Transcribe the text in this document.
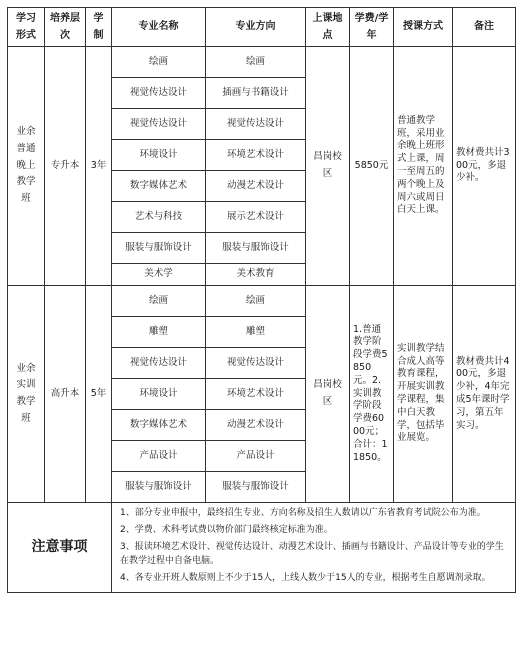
学习形式	培养层次	学制	专业名称	专业方向	上课地点	学费/学年	授课方式	备注
业余普通晚上教学班	专升本	3年	绘画	绘画	昌岗校区	5850元	普通教学班，采用业余晚上班形式上课，周一至周五的两个晚上及周六或周日白天上课。	教材费共计300元，多退少补。
			视觉传达设计	插画与书籍设计				
			视觉传达设计	视觉传达设计				
			环境设计	环境艺术设计				
			数字媒体艺术	动漫艺术设计				
			艺术与科技	展示艺术设计				
			服装与服饰设计	服装与服饰设计				
			美术学	美术教育				
业余实训教学班	高升本	5年	绘画	绘画	昌岗校区	1.普通教学阶段学费5850元。2.实训教学阶段学费6000元；合计：11850。	实训教学结合成人高等教育课程，开展实训教学课程，集中白天教学，包括毕业展览。	教材费共计400元，多退少补，4年完成5年课时学习，第五年实习。
			雕塑	雕塑				
			视觉传达设计	视觉传达设计				
			环境设计	环境艺术设计				
			数字媒体艺术	动漫艺术设计				
			产品设计	产品设计				
			服装与服饰设计	服装与服饰设计				
注意事项			1、部分专业申报中，最终招生专业、方向名称及招生人数请以广东省教育考试院公布为准。
2、学费、术科考试费以物价部门最终核定标准为准。
3、报读环境艺术设计、视觉传达设计、动漫艺术设计、插画与书籍设计、产品设计等专业的学生在教学过程中自备电脑。
4、各专业开班人数原则上不少于15人，上线人数少于15人的专业，根据考生自愿调剂录取。					
